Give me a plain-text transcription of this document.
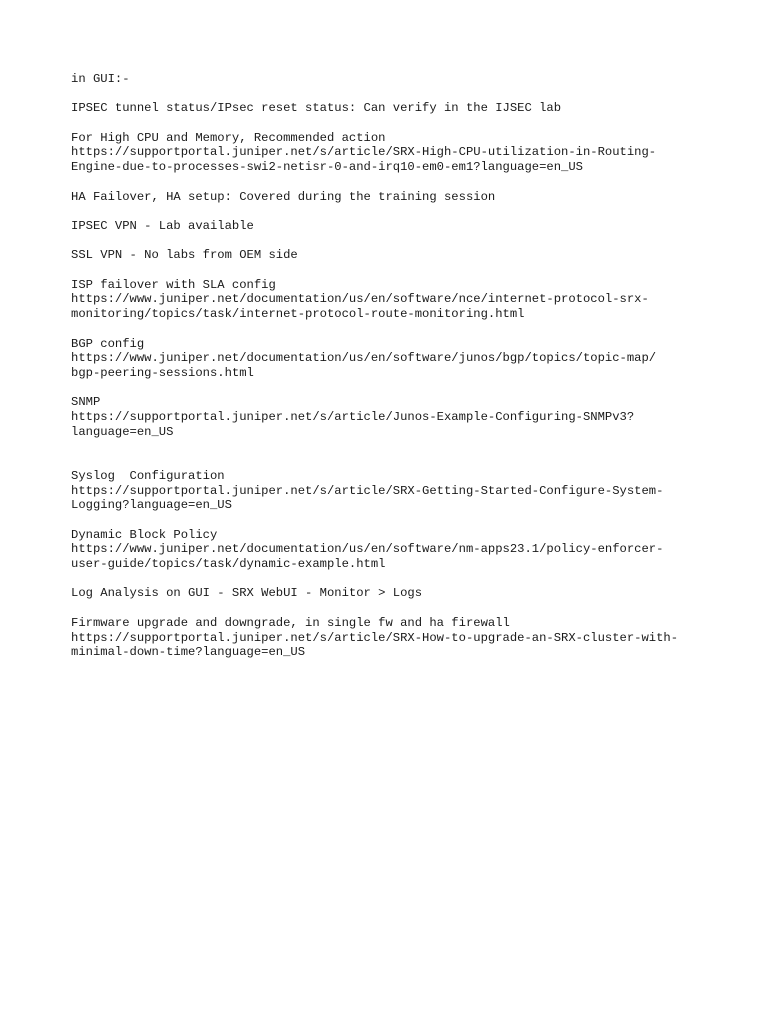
in GUI:-

IPSEC tunnel status/IPsec reset status: Can verify in the IJSEC lab

For High CPU and Memory, Recommended action
https://supportportal.juniper.net/s/article/SRX-High-CPU-utilization-in-Routing-
Engine-due-to-processes-swi2-netisr-0-and-irq10-em0-em1?language=en_US

HA Failover, HA setup: Covered during the training session

IPSEC VPN - Lab available

SSL VPN - No labs from OEM side

ISP failover with SLA config
https://www.juniper.net/documentation/us/en/software/nce/internet-protocol-srx-
monitoring/topics/task/internet-protocol-route-monitoring.html

BGP config
https://www.juniper.net/documentation/us/en/software/junos/bgp/topics/topic-map/
bgp-peering-sessions.html

SNMP
https://supportportal.juniper.net/s/article/Junos-Example-Configuring-SNMPv3?
language=en_US

Syslog  Configuration
https://supportportal.juniper.net/s/article/SRX-Getting-Started-Configure-System-
Logging?language=en_US

Dynamic Block Policy
https://www.juniper.net/documentation/us/en/software/nm-apps23.1/policy-enforcer-
user-guide/topics/task/dynamic-example.html

Log Analysis on GUI - SRX WebUI - Monitor > Logs

Firmware upgrade and downgrade, in single fw and ha firewall
https://supportportal.juniper.net/s/article/SRX-How-to-upgrade-an-SRX-cluster-with-
minimal-down-time?language=en_US
